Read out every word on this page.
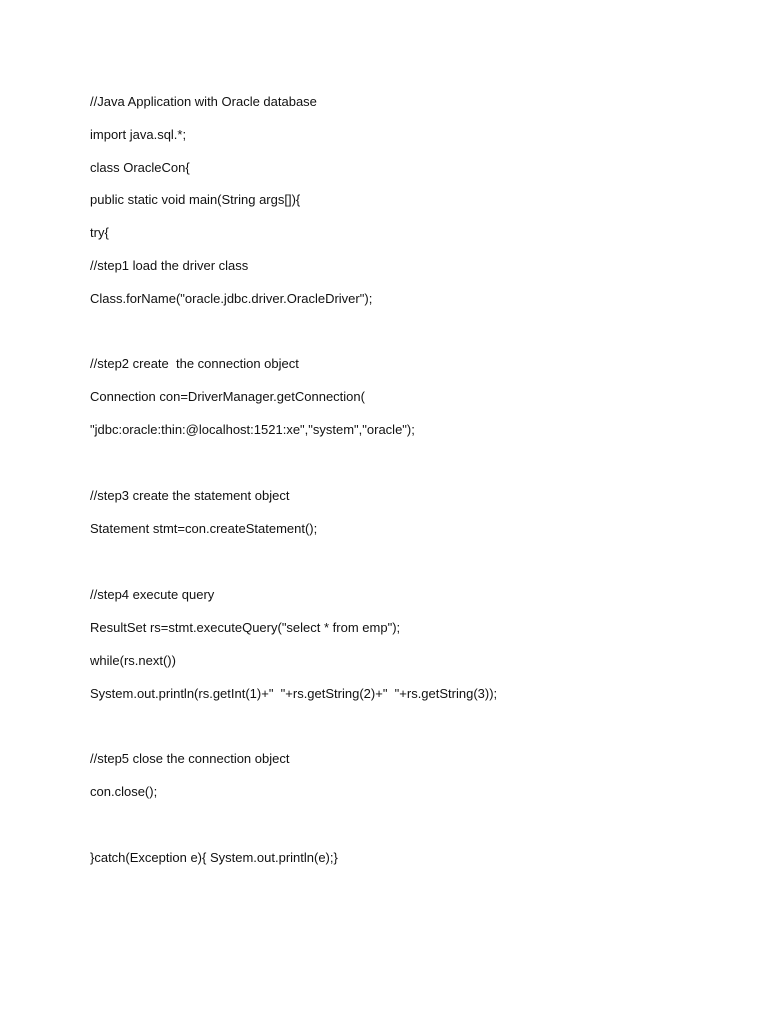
//Java Application with Oracle database
import java.sql.*;
class OracleCon{
public static void main(String args[]){
try{
//step1 load the driver class
Class.forName("oracle.jdbc.driver.OracleDriver");
//step2 create  the connection object
Connection con=DriverManager.getConnection(
"jdbc:oracle:thin:@localhost:1521:xe","system","oracle");
//step3 create the statement object
Statement stmt=con.createStatement();
//step4 execute query
ResultSet rs=stmt.executeQuery("select * from emp");
while(rs.next())
System.out.println(rs.getInt(1)+"  "+rs.getString(2)+"  "+rs.getString(3));
//step5 close the connection object
con.close();
}catch(Exception e){ System.out.println(e);}
